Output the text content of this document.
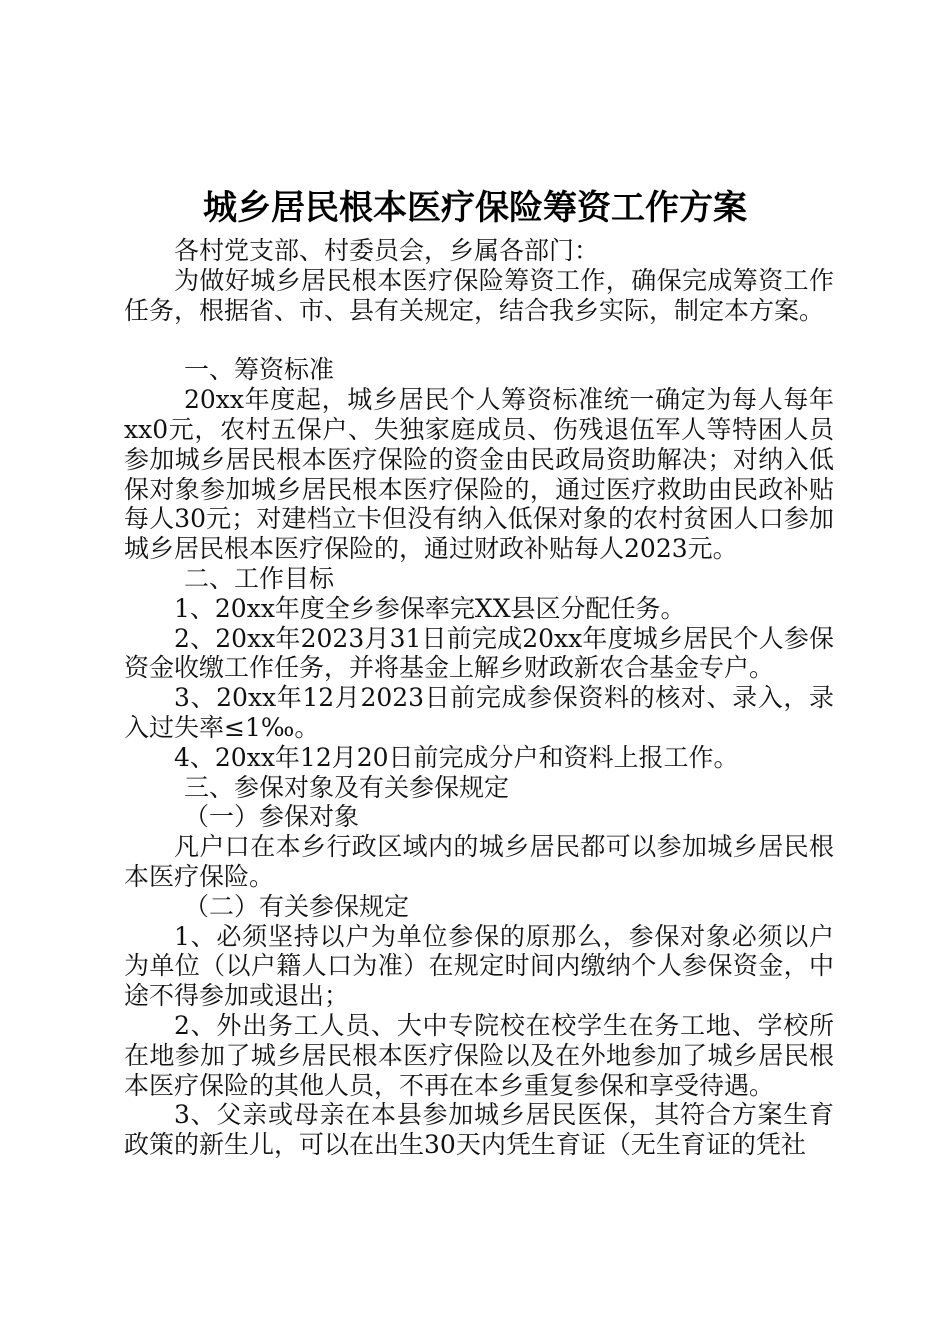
城乡居民根本医疗保险筹资工作方案

各村党支部、村委员会，乡属各部门：

为做好城乡居民根本医疗保险筹资工作，确保完成筹资工作任务，根据省、市、县有关规定，结合我乡实际，制定本方案。

一、筹资标准

20xx年度起，城乡居民个人筹资标准统一确定为每人每年xx0元，农村五保户、失独家庭成员、伤残退伍军人等特困人员参加城乡居民根本医疗保险的资金由民政局资助解决；对纳入低保对象参加城乡居民根本医疗保险的，通过医疗救助由民政补贴每人30元；对建档立卡但没有纳入低保对象的农村贫困人口参加城乡居民根本医疗保险的，通过财政补贴每人2023元。

二、工作目标

1、20xx年度全乡参保率完XX县区分配任务。

2、20xx年2023月31日前完成20xx年度城乡居民个人参保资金收缴工作任务，并将基金上解乡财政新农合基金专户。

3、20xx年12月2023日前完成参保资料的核对、录入，录入过失率≤1‰。

4、20xx年12月20日前完成分户和资料上报工作。

三、参保对象及有关参保规定

（一）参保对象

凡户口在本乡行政区域内的城乡居民都可以参加城乡居民根本医疗保险。

（二）有关参保规定

1、必须坚持以户为单位参保的原那么，参保对象必须以户为单位（以户籍人口为准）在规定时间内缴纳个人参保资金，中途不得参加或退出；

2、外出务工人员、大中专院校在校学生在务工地、学校所在地参加了城乡居民根本医疗保险以及在外地参加了城乡居民根本医疗保险的其他人员，不再在本乡重复参保和享受待遇。

3、父亲或母亲在本县参加城乡居民医保，其符合方案生育政策的新生儿，可以在出生30天内凭生育证（无生育证的凭社
